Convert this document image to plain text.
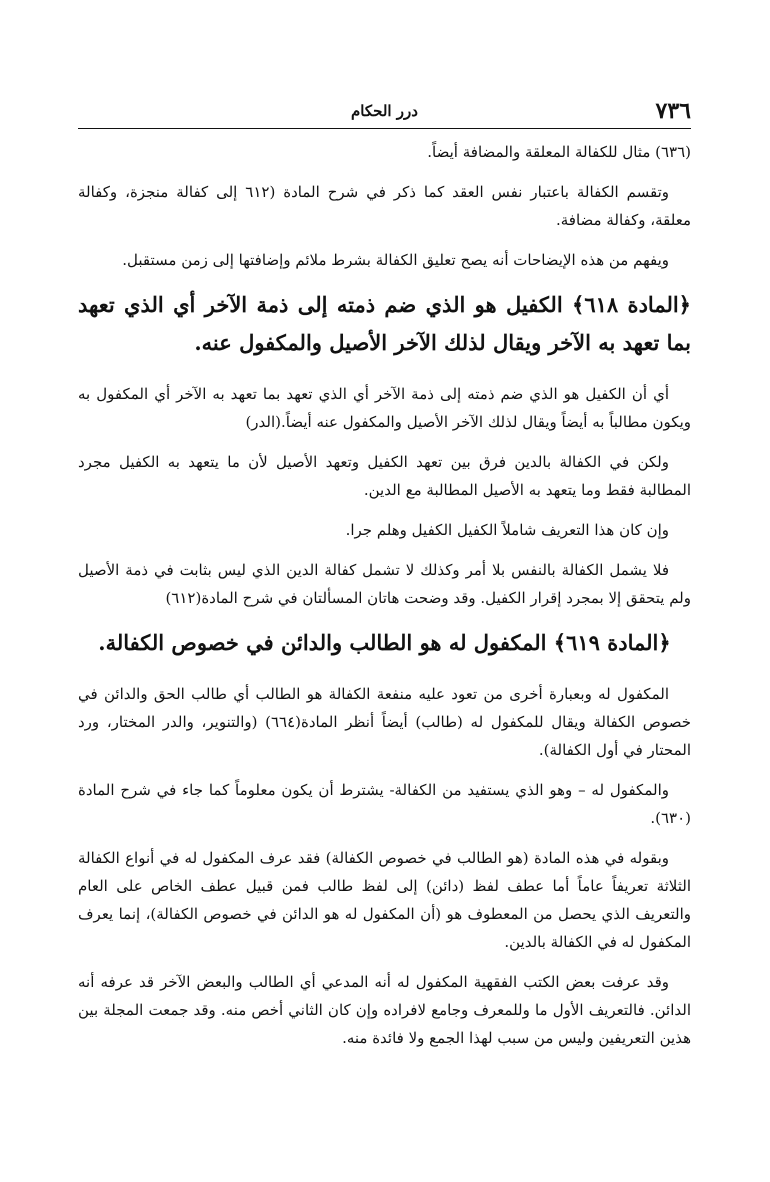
٧٣٦
درر الحكام

(٦٣٦) مثال للكفالة المعلقة والمضافة أيضاً.

وتقسم الكفالة باعتبار نفس العقد كما ذكر في شرح المادة (٦١٢ إلى كفالة منجزة، وكفالة معلقة، وكفالة مضافة.

ويفهم من هذه الإيضاحات أنه يصح تعليق الكفالة بشرط ملائم وإضافتها إلى زمن مستقبل.

﴿المادة ٦١٨﴾ الكفيل هو الذي ضم ذمته إلى ذمة الآخر أي الذي تعهد بما تعهد به الآخر ويقال لذلك الآخر الأصيل والمكفول عنه.

أي أن الكفيل هو الذي ضم ذمته إلى ذمة الآخر أي الذي تعهد بما تعهد به الآخر أي المكفول به ويكون مطالباً به أيضاً ويقال لذلك الآخر الأصيل والمكفول عنه أيضاً.(الدر)

ولكن في الكفالة بالدين فرق بين تعهد الكفيل وتعهد الأصيل لأن ما يتعهد به الكفيل مجرد المطالبة فقط وما يتعهد به الأصيل المطالبة مع الدين.

وإن كان هذا التعريف شاملاً الكفيل الكفيل وهلم جرا.

فلا يشمل الكفالة بالنفس بلا أمر وكذلك لا تشمل كفالة الدين الذي ليس بثابت في ذمة الأصيل ولم يتحقق إلا بمجرد إقرار الكفيل. وقد وضحت هاتان المسألتان في شرح المادة(٦١٢)

﴿المادة ٦١٩﴾ المكفول له هو الطالب والدائن في خصوص الكفالة.

المكفول له وبعبارة أخرى من تعود عليه منفعة الكفالة هو الطالب أي طالب الحق والدائن في خصوص الكفالة ويقال للمكفول له (طالب) أيضاً أنظر المادة(٦٦٤) (والتنوير، والدر المختار، ورد المحتار في أول الكفالة).

والمكفول له – وهو الذي يستفيد من الكفالة- يشترط أن يكون معلوماً كما جاء في شرح المادة (٦٣٠).

وبقوله في هذه المادة (هو الطالب في خصوص الكفالة) فقد عرف المكفول له في أنواع الكفالة الثلاثة تعريفاً عاماً أما عطف لفظ (دائن) إلى لفظ طالب فمن قبيل عطف الخاص على العام والتعريف الذي يحصل من المعطوف هو (أن المكفول له هو الدائن في خصوص الكفالة)، إنما يعرف المكفول له في الكفالة بالدين.

وقد عرفت بعض الكتب الفقهية المكفول له أنه المدعي أي الطالب والبعض الآخر قد عرفه أنه الدائن. فالتعريف الأول ما وللمعرف وجامع لافراده وإن كان الثاني أخص منه. وقد جمعت المجلة بين هذين التعريفين وليس من سبب لهذا الجمع ولا فائدة منه.
